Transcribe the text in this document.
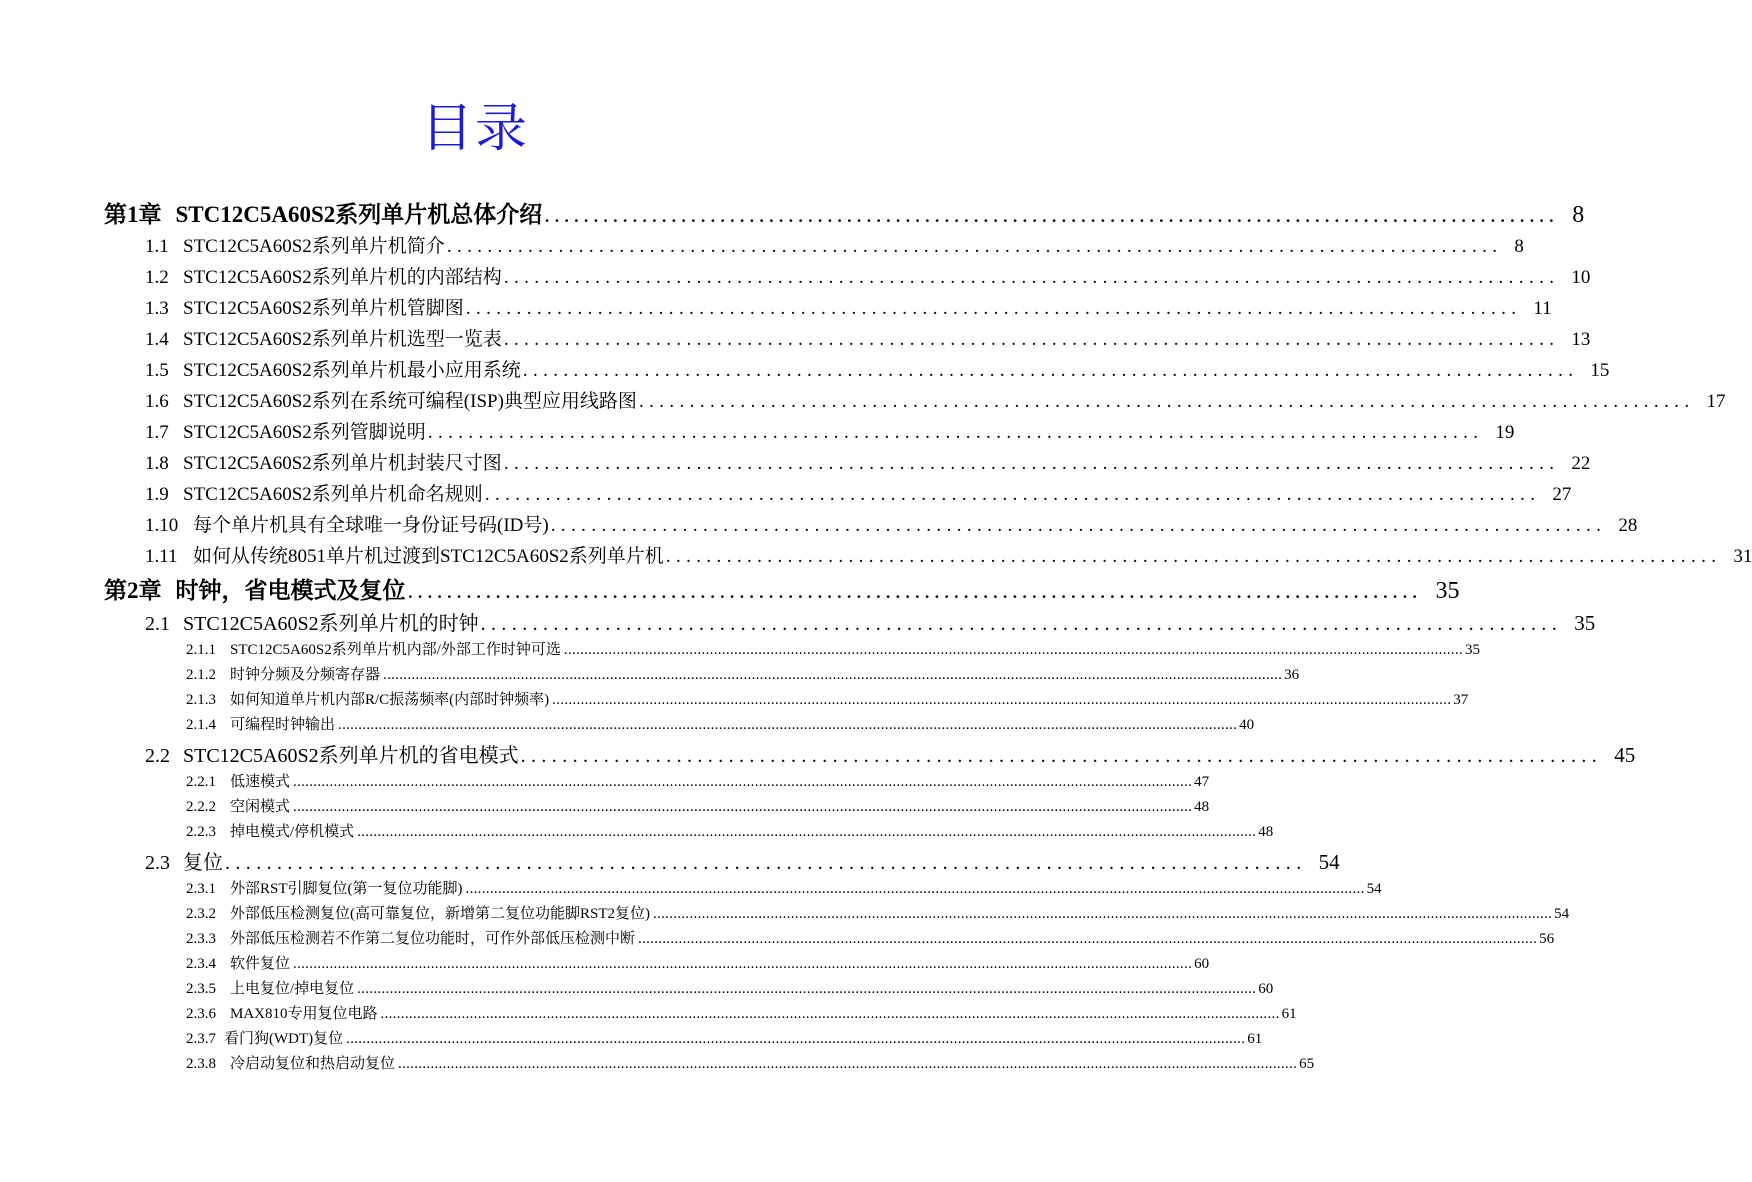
目录
第1章 STC12C5A60S2系列单片机总体介绍 ........................................................................................................ 8
1.1 STC12C5A60S2系列单片机简介 ........................................................................................................ 8
1.2 STC12C5A60S2系列单片机的内部结构 ........................................................................................................ 10
1.3 STC12C5A60S2系列单片机管脚图 ........................................................................................................ 11
1.4 STC12C5A60S2系列单片机选型一览表 ........................................................................................................ 13
1.5 STC12C5A60S2系列单片机最小应用系统 ........................................................................................................ 15
1.6 STC12C5A60S2系列在系统可编程(ISP)典型应用线路图 ........................................................................................................ 17
1.7 STC12C5A60S2系列管脚说明 ........................................................................................................ 19
1.8 STC12C5A60S2系列单片机封装尺寸图 ........................................................................................................ 22
1.9 STC12C5A60S2系列单片机命名规则 ........................................................................................................ 27
1.10 每个单片机具有全球唯一身份证号码(ID号) ........................................................................................................ 28
1.11 如何从传统8051单片机过渡到STC12C5A60S2系列单片机 ........................................................................................................ 31
第2章 时钟，省电模式及复位 ........................................................................................................ 35
2.1 STC12C5A60S2系列单片机的时钟 ........................................................................................................ 35
2.1.1 STC12C5A60S2系列单片机内部/外部工作时钟可选 .............................................................................................................................................................................................................................. 35
2.1.2 时钟分频及分频寄存器 .............................................................................................................................................................................................................................. 36
2.1.3 如何知道单片机内部R/C振荡频率(内部时钟频率) .............................................................................................................................................................................................................................. 37
2.1.4 可编程时钟输出 .............................................................................................................................................................................................................................. 40
2.2 STC12C5A60S2系列单片机的省电模式 ........................................................................................................ 45
2.2.1 低速模式 .............................................................................................................................................................................................................................. 47
2.2.2 空闲模式 .............................................................................................................................................................................................................................. 48
2.2.3 掉电模式/停机模式 .............................................................................................................................................................................................................................. 48
2.3 复位 ........................................................................................................ 54
2.3.1 外部RST引脚复位(第一复位功能脚) .............................................................................................................................................................................................................................. 54
2.3.2 外部低压检测复位(高可靠复位，新增第二复位功能脚RST2复位) .............................................................................................................................................................................................................................. 54
2.3.3 外部低压检测若不作第二复位功能时，可作外部低压检测中断 .............................................................................................................................................................................................................................. 56
2.3.4 软件复位 .............................................................................................................................................................................................................................. 60
2.3.5 上电复位/掉电复位 .............................................................................................................................................................................................................................. 60
2.3.6 MAX810专用复位电路 .............................................................................................................................................................................................................................. 61
2.3.7 看门狗(WDT)复位 .............................................................................................................................................................................................................................. 61
2.3.8 冷启动复位和热启动复位 .............................................................................................................................................................................................................................. 65
